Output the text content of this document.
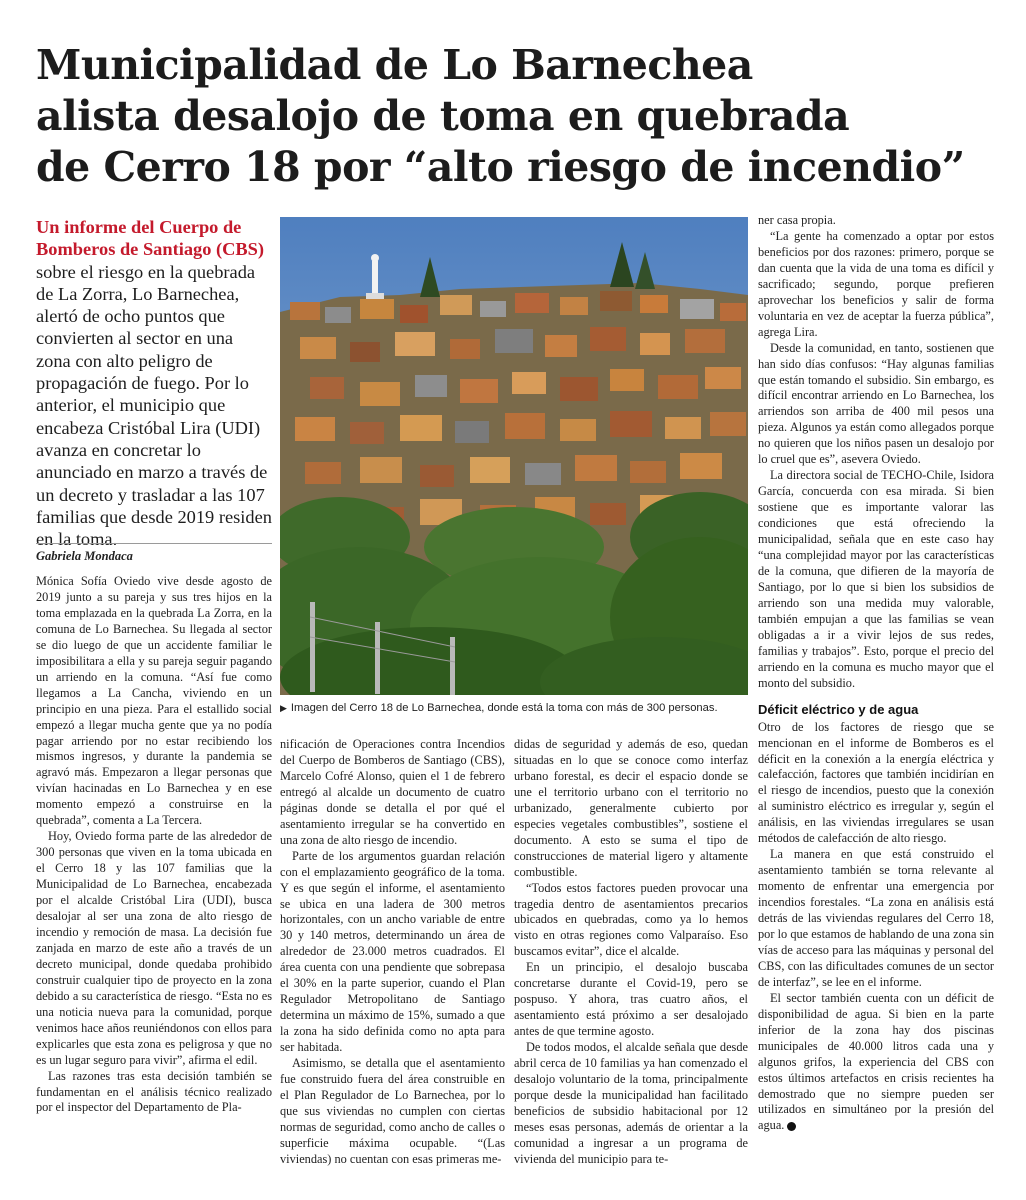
Municipalidad de Lo Barnechea
alista desalojo de toma en quebrada
de Cerro 18 por “alto riesgo de incendio”
Un informe del Cuerpo de Bomberos de Santiago (CBS) sobre el riesgo en la quebrada de La Zorra, Lo Barnechea, alertó de ocho puntos que convierten al sector en una zona con alto peligro de propagación de fuego. Por lo anterior, el municipio que encabeza Cristóbal Lira (UDI) avanza en concretar lo anunciado en marzo a través de un decreto y trasladar a las 107 familias que desde 2019 residen en la toma.
Gabriela Mondaca

Mónica Sofía Oviedo vive desde agosto de 2019 junto a su pareja y sus tres hijos en la toma emplazada en la quebrada La Zorra, en la comuna de Lo Barnechea. Su llegada al sector se dio luego de que un accidente familiar le imposibilitara a ella y su pareja seguir pagando un arriendo en la comuna. “Así fue como llegamos a La Cancha, viviendo en un principio en una pieza. Para el estallido social empezó a llegar mucha gente que ya no podía pagar arriendo por no estar recibiendo los mismos ingresos, y durante la pandemia se agravó más. Empezaron a llegar personas que vivían hacinadas en Lo Barnechea y en ese momento empezó a construirse en la quebrada”, comenta a La Tercera.

Hoy, Oviedo forma parte de las alrededor de 300 personas que viven en la toma ubicada en el Cerro 18 y las 107 familias que la Municipalidad de Lo Barnechea, encabezada por el alcalde Cristóbal Lira (UDI), busca desalojar al ser una zona de alto riesgo de incendio y remoción de masa. La decisión fue zanjada en marzo de este año a través de un decreto municipal, donde quedaba prohibido construir cualquier tipo de proyecto en la zona debido a su característica de riesgo. “Esta no es una noticia nueva para la comunidad, porque venimos hace años reuniéndonos con ellos para explicarles que esta zona es peligrosa y que no es un lugar seguro para vivir”, afirma el edil.

Las razones tras esta decisión también se fundamentan en el análisis técnico realizado por el inspector del Departamento de Pla-

▶ Imagen del Cerro 18 de Lo Barnechea, donde está la toma con más de 300 personas.

nificación de Operaciones contra Incendios del Cuerpo de Bomberos de Santiago (CBS), Marcelo Cofré Alonso, quien el 1 de febrero entregó al alcalde un documento de cuatro páginas donde se detalla el por qué el asentamiento irregular se ha convertido en una zona de alto riesgo de incendio.

Parte de los argumentos guardan relación con el emplazamiento geográfico de la toma. Y es que según el informe, el asentamiento se ubica en una ladera de 300 metros horizontales, con un ancho variable de entre 30 y 140 metros, determinando un área de alrededor de 23.000 metros cuadrados. El área cuenta con una pendiente que sobrepasa el 30% en la parte superior, cuando el Plan Regulador Metropolitano de Santiago determina un máximo de 15%, sumado a que la zona ha sido definida como no apta para ser habitada.

Asimismo, se detalla que el asentamiento fue construido fuera del área construible en el Plan Regulador de Lo Barnechea, por lo que sus viviendas no cumplen con ciertas normas de seguridad, como ancho de calles o superficie máxima ocupable. “(Las viviendas) no cuentan con esas primeras me-

didas de seguridad y además de eso, quedan situadas en lo que se conoce como interfaz urbano forestal, es decir el espacio donde se une el territorio urbano con el territorio no urbanizado, generalmente cubierto por especies vegetales combustibles”, sostiene el documento. A esto se suma el tipo de construcciones de material ligero y altamente combustible.

“Todos estos factores pueden provocar una tragedia dentro de asentamientos precarios ubicados en quebradas, como ya lo hemos visto en otras regiones como Valparaíso. Eso buscamos evitar”, dice el alcalde.

En un principio, el desalojo buscaba concretarse durante el Covid-19, pero se pospuso. Y ahora, tras cuatro años, el asentamiento está próximo a ser desalojado antes de que termine agosto.

De todos modos, el alcalde señala que desde abril cerca de 10 familias ya han comenzado el desalojo voluntario de la toma, principalmente porque desde la municipalidad han facilitado beneficios de subsidio habitacional por 12 meses esas personas, además de orientar a la comunidad a ingresar a un programa de vivienda del municipio para te-

ner casa propia.

“La gente ha comenzado a optar por estos beneficios por dos razones: primero, porque se dan cuenta que la vida de una toma es difícil y sacrificado; segundo, porque prefieren aprovechar los beneficios y salir de forma voluntaria en vez de aceptar la fuerza pública”, agrega Lira.

Desde la comunidad, en tanto, sostienen que han sido días confusos: “Hay algunas familias que están tomando el subsidio. Sin embargo, es difícil encontrar arriendo en Lo Barnechea, los arriendos son arriba de 400 mil pesos una pieza. Algunos ya están como allegados porque no quieren que los niños pasen un desalojo por lo cruel que es”, asevera Oviedo.

La directora social de TECHO-Chile, Isidora García, concuerda con esa mirada. Si bien sostiene que es importante valorar las condiciones que está ofreciendo la municipalidad, señala que en este caso hay “una complejidad mayor por las características de la comuna, que difieren de la mayoría de Santiago, por lo que si bien los subsidios de arriendo son una medida muy valorable, también empujan a que las familias se vean obligadas a ir a vivir lejos de sus redes, familias y trabajos”. Esto, porque el precio del arriendo en la comuna es mucho mayor que el monto del subsidio.

Déficit eléctrico y de agua

Otro de los factores de riesgo que se mencionan en el informe de Bomberos es el déficit en la conexión a la energía eléctrica y calefacción, factores que también incidirían en el riesgo de incendios, puesto que la conexión al suministro eléctrico es irregular y, según el análisis, en las viviendas irregulares se usan métodos de calefacción de alto riesgo.

La manera en que está construido el asentamiento también se torna relevante al momento de enfrentar una emergencia por incendios forestales. “La zona en análisis está detrás de las viviendas regulares del Cerro 18, por lo que estamos de hablando de una zona sin vías de acceso para las máquinas y personal del CBS, con las dificultades comunes de un sector de interfaz”, se lee en el informe.

El sector también cuenta con un déficit de disponibilidad de agua. Si bien en la parte inferior de la zona hay dos piscinas municipales de 40.000 litros cada una y algunos grifos, la experiencia del CBS con estos últimos artefactos en crisis recientes ha demostrado que no siempre pueden ser utilizados en simultáneo por la presión del agua.
